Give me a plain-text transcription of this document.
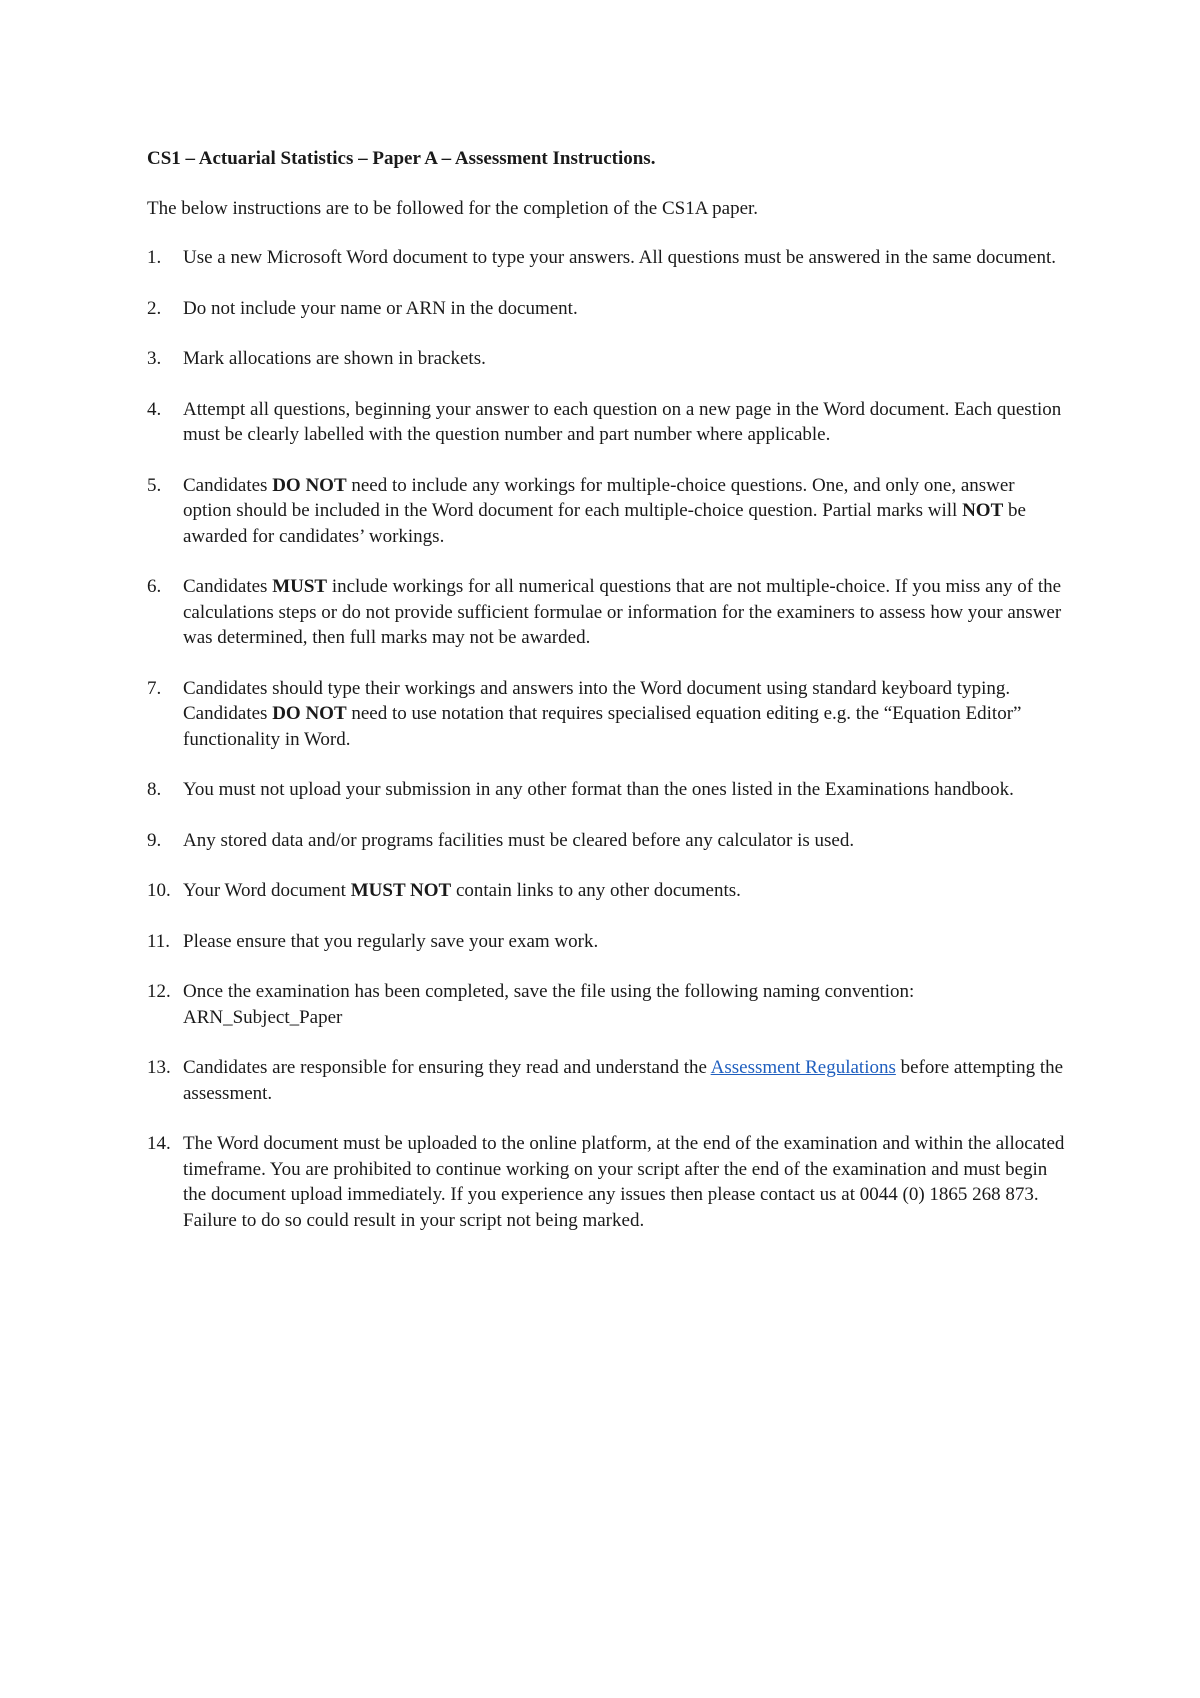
CS1 – Actuarial Statistics – Paper A – Assessment Instructions.

The below instructions are to be followed for the completion of the CS1A paper.

1. Use a new Microsoft Word document to type your answers. All questions must be answered in the same document.
2. Do not include your name or ARN in the document.
3. Mark allocations are shown in brackets.
4. Attempt all questions, beginning your answer to each question on a new page in the Word document. Each question must be clearly labelled with the question number and part number where applicable.
5. Candidates DO NOT need to include any workings for multiple-choice questions. One, and only one, answer option should be included in the Word document for each multiple-choice question. Partial marks will NOT be awarded for candidates’ workings.
6. Candidates MUST include workings for all numerical questions that are not multiple-choice. If you miss any of the calculations steps or do not provide sufficient formulae or information for the examiners to assess how your answer was determined, then full marks may not be awarded.
7. Candidates should type their workings and answers into the Word document using standard keyboard typing. Candidates DO NOT need to use notation that requires specialised equation editing e.g. the “Equation Editor” functionality in Word.
8. You must not upload your submission in any other format than the ones listed in the Examinations handbook.
9. Any stored data and/or programs facilities must be cleared before any calculator is used.
10. Your Word document MUST NOT contain links to any other documents.
11. Please ensure that you regularly save your exam work.
12. Once the examination has been completed, save the file using the following naming convention: ARN_Subject_Paper
13. Candidates are responsible for ensuring they read and understand the Assessment Regulations before attempting the assessment.
14. The Word document must be uploaded to the online platform, at the end of the examination and within the allocated timeframe. You are prohibited to continue working on your script after the end of the examination and must begin the document upload immediately. If you experience any issues then please contact us at 0044 (0) 1865 268 873. Failure to do so could result in your script not being marked.
